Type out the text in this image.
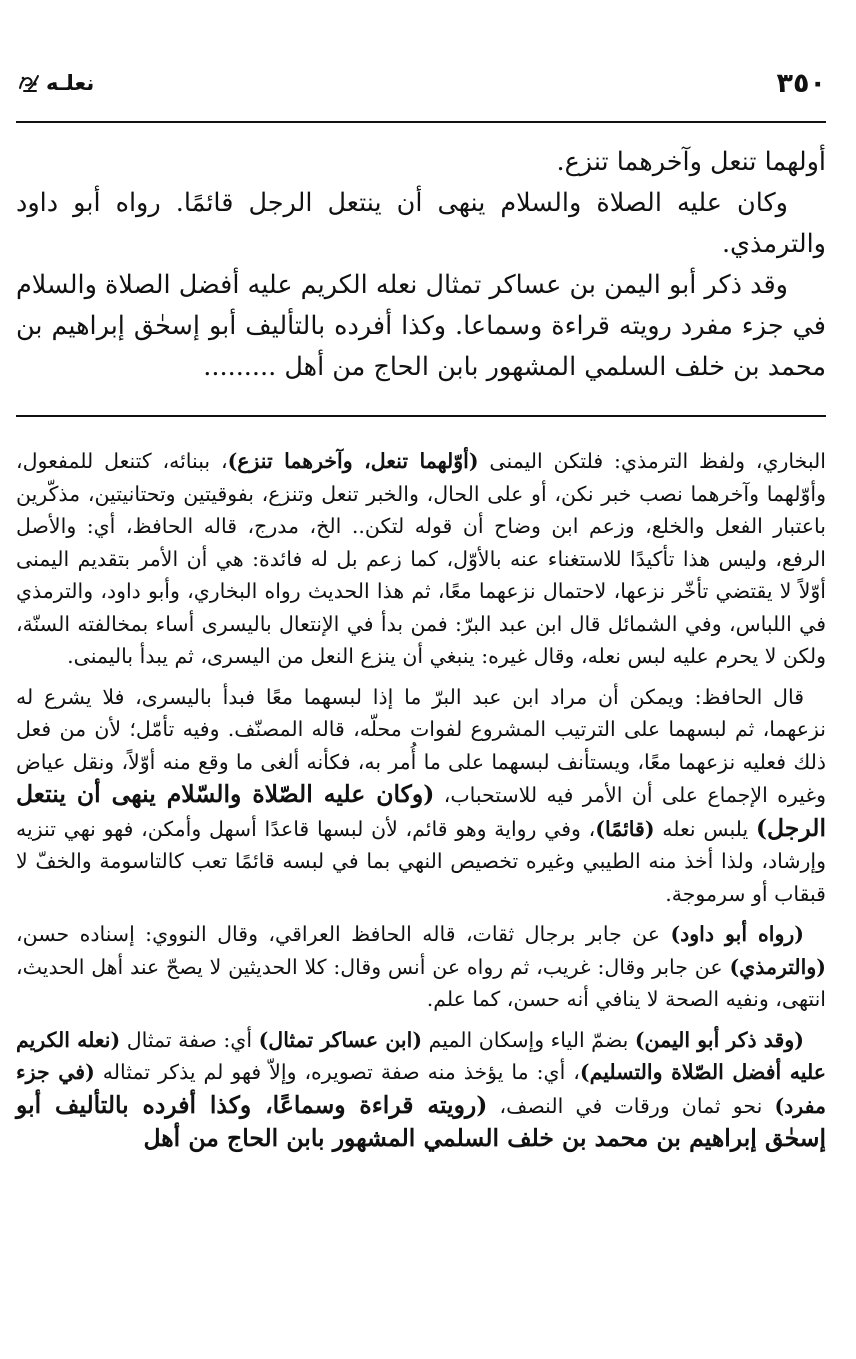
٣٥٠
نعلـه

أولهما تنعل وآخرهما تنزع.

وكان عليه الصلاة والسلام ينهى أن ينتعل الرجل قائمًا. رواه أبو داود والترمذي.

وقد ذكر أبو اليمن بن عساكر تمثال نعله الكريم عليه أفضل الصلاة والسلام في جزء مفرد رويته قراءة وسماعا. وكذا أفرده بالتأليف أبو إسحٰق إبراهيم بن محمد بن خلف السلمي المشهور بابن الحاج من أهل .........

البخاري، ولفظ الترمذي: فلتكن اليمنى (أوّلهما تنعل، وآخرهما تنزع)، ببنائه، كتنعل للمفعول، وأوّلهما وآخرهما نصب خبر نكن، أو على الحال، والخبر تنعل وتنزع، بفوقيتين وتحتانيتين، مذكّرين باعتبار الفعل والخلع، وزعم ابن وضاح أن قوله لتكن.. الخ، مدرج، قاله الحافظ، أي: والأصل الرفع، وليس هذا تأكيدًا للاستغناء عنه بالأوّل، كما زعم بل له فائدة: هي أن الأمر بتقديم اليمنى أوّلاً لا يقتضي تأخّر نزعها، لاحتمال نزعهما معًا، ثم هذا الحديث رواه البخاري، وأبو داود، والترمذي في اللباس، وفي الشمائل قال ابن عبد البرّ: فمن بدأ في الإنتعال باليسرى أساء بمخالفته السنّة، ولكن لا يحرم عليه لبس نعله، وقال غيره: ينبغي أن ينزع النعل من اليسرى، ثم يبدأ باليمنى.

قال الحافظ: ويمكن أن مراد ابن عبد البرّ ما إذا لبسهما معًا فبدأ باليسرى، فلا يشرع له نزعهما، ثم لبسهما على الترتيب المشروع لفوات محلّه، قاله المصنّف. وفيه تأمّل؛ لأن من فعل ذلك فعليه نزعهما معًا، ويستأنف لبسهما على ما أُمر به، فكأنه ألغى ما وقع منه أوّلاً، ونقل عياض وغيره الإجماع على أن الأمر فيه للاستحباب، (وكان عليه الصّلاة والسّلام ينهى أن ينتعل الرجل) يلبس نعله (قائمًا)، وفي رواية وهو قائم، لأن لبسها قاعدًا أسهل وأمكن، فهو نهي تنزيه وإرشاد، ولذا أخذ منه الطيبي وغيره تخصيص النهي بما في لبسه قائمًا تعب كالتاسومة والخفّ لا قبقاب أو سرموجة.

(رواه أبو داود) عن جابر برجال ثقات، قاله الحافظ العراقي، وقال النووي: إسناده حسن، (والترمذي) عن جابر وقال: غريب، ثم رواه عن أنس وقال: كلا الحديثين لا يصحّ عند أهل الحديث، انتهى، ونفيه الصحة لا ينافي أنه حسن، كما علم.

(وقد ذكر أبو اليمن) بضمّ الياء وإسكان الميم (ابن عساكر تمثال) أي: صفة تمثال (نعله الكريم عليه أفضل الصّلاة والتسليم)، أي: ما يؤخذ منه صفة تصويره، وإلاّ فهو لم يذكر تمثاله (في جزء مفرد) نحو ثمان ورقات في النصف، (رويته قراءة وسماعًا، وكذا أفرده بالتأليف أبو إسحٰق إبراهيم بن محمد بن خلف السلمي المشهور بابن الحاج من أهل
